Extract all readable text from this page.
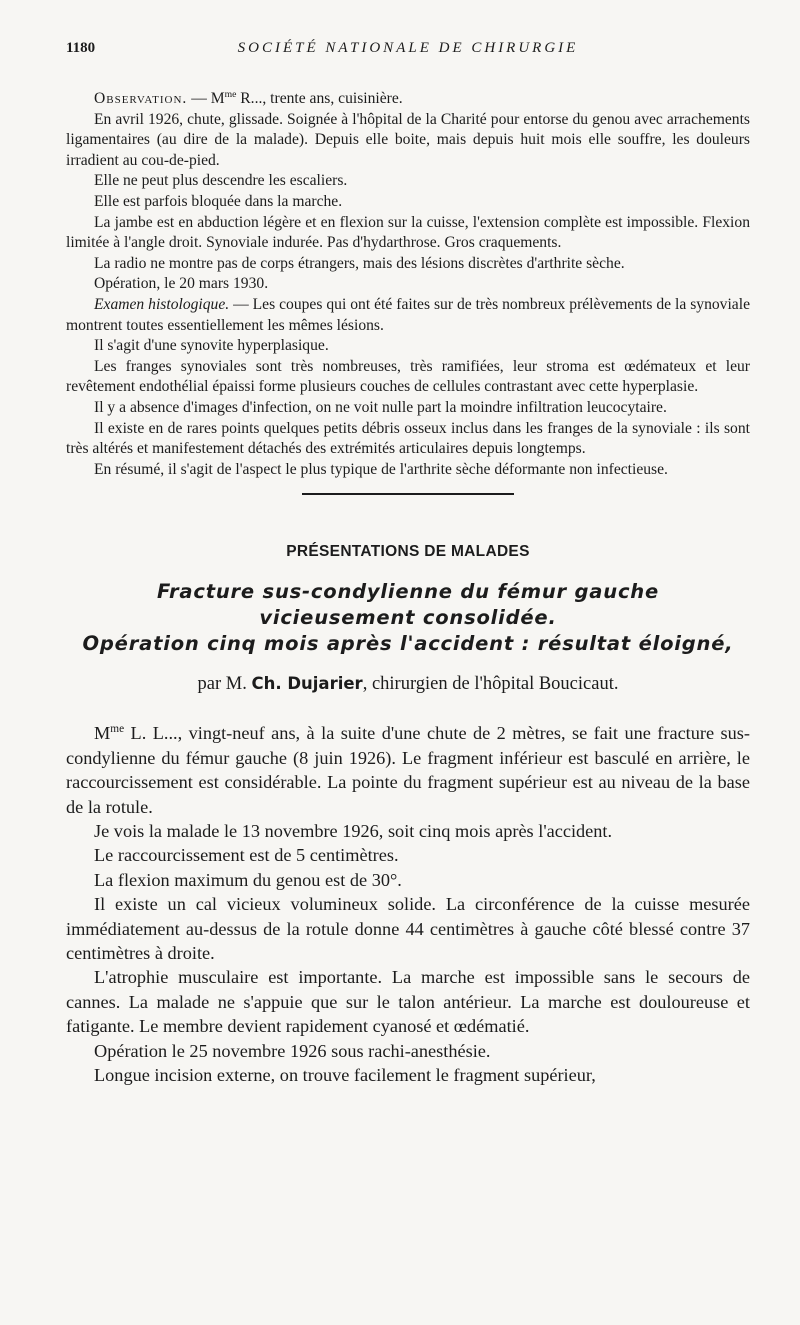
1180	SOCIÉTÉ NATIONALE DE CHIRURGIE

Observation. — $M^{me}$ R..., trente ans, cuisinière.

En avril 1926, chute, glissade. Soignée à l'hôpital de la Charité pour entorse du genou avec arrachements ligamentaires (au dire de la malade). Depuis elle boite, mais depuis huit mois elle souffre, les douleurs irradient au cou-de-pied.

Elle ne peut plus descendre les escaliers.

Elle est parfois bloquée dans la marche.

La jambe est en abduction légère et en flexion sur la cuisse, l'extension complète est impossible. Flexion limitée à l'angle droit. Synoviale indurée. Pas d'hydarthrose. Gros craquements.

La radio ne montre pas de corps étrangers, mais des lésions discrètes d'arthrite sèche.

Opération, le 20 mars 1930.

Examen histologique. — Les coupes qui ont été faites sur de très nombreux prélèvements de la synoviale montrent toutes essentiellement les mêmes lésions.

Il s'agit d'une synovite hyperplasique.

Les franges synoviales sont très nombreuses, très ramifiées, leur stroma est œdémateux et leur revêtement endothélial épaissi forme plusieurs couches de cellules contrastant avec cette hyperplasie.

Il y a absence d'images d'infection, on ne voit nulle part la moindre infiltration leucocytaire.

Il existe en de rares points quelques petits débris osseux inclus dans les franges de la synoviale : ils sont très altérés et manifestement détachés des extrémités articulaires depuis longtemps.

En résumé, il s'agit de l'aspect le plus typique de l'arthrite sèche déformante non infectieuse.

PRÉSENTATIONS DE MALADES
Fracture sus-condylienne du fémur gauche
vicieusement consolidée.
Opération cinq mois après l'accident : résultat éloigné,
par M. Ch. Dujarier, chirurgien de l'hôpital Boucicaut.

$M^{me}$ L. L..., vingt-neuf ans, à la suite d'une chute de 2 mètres, se fait une fracture sus-condylienne du fémur gauche (8 juin 1926). Le fragment inférieur est basculé en arrière, le raccourcissement est considérable. La pointe du fragment supérieur est au niveau de la base de la rotule.

Je vois la malade le 13 novembre 1926, soit cinq mois après l'accident.

Le raccourcissement est de 5 centimètres.

La flexion maximum du genou est de 30°.

Il existe un cal vicieux volumineux solide. La circonférence de la cuisse mesurée immédiatement au-dessus de la rotule donne 44 centimètres à gauche côté blessé contre 37 centimètres à droite.

L'atrophie musculaire est importante. La marche est impossible sans le secours de cannes. La malade ne s'appuie que sur le talon antérieur. La marche est douloureuse et fatigante. Le membre devient rapidement cyanosé et œdématié.

Opération le 25 novembre 1926 sous rachi-anesthésie.

Longue incision externe, on trouve facilement le fragment supérieur,
